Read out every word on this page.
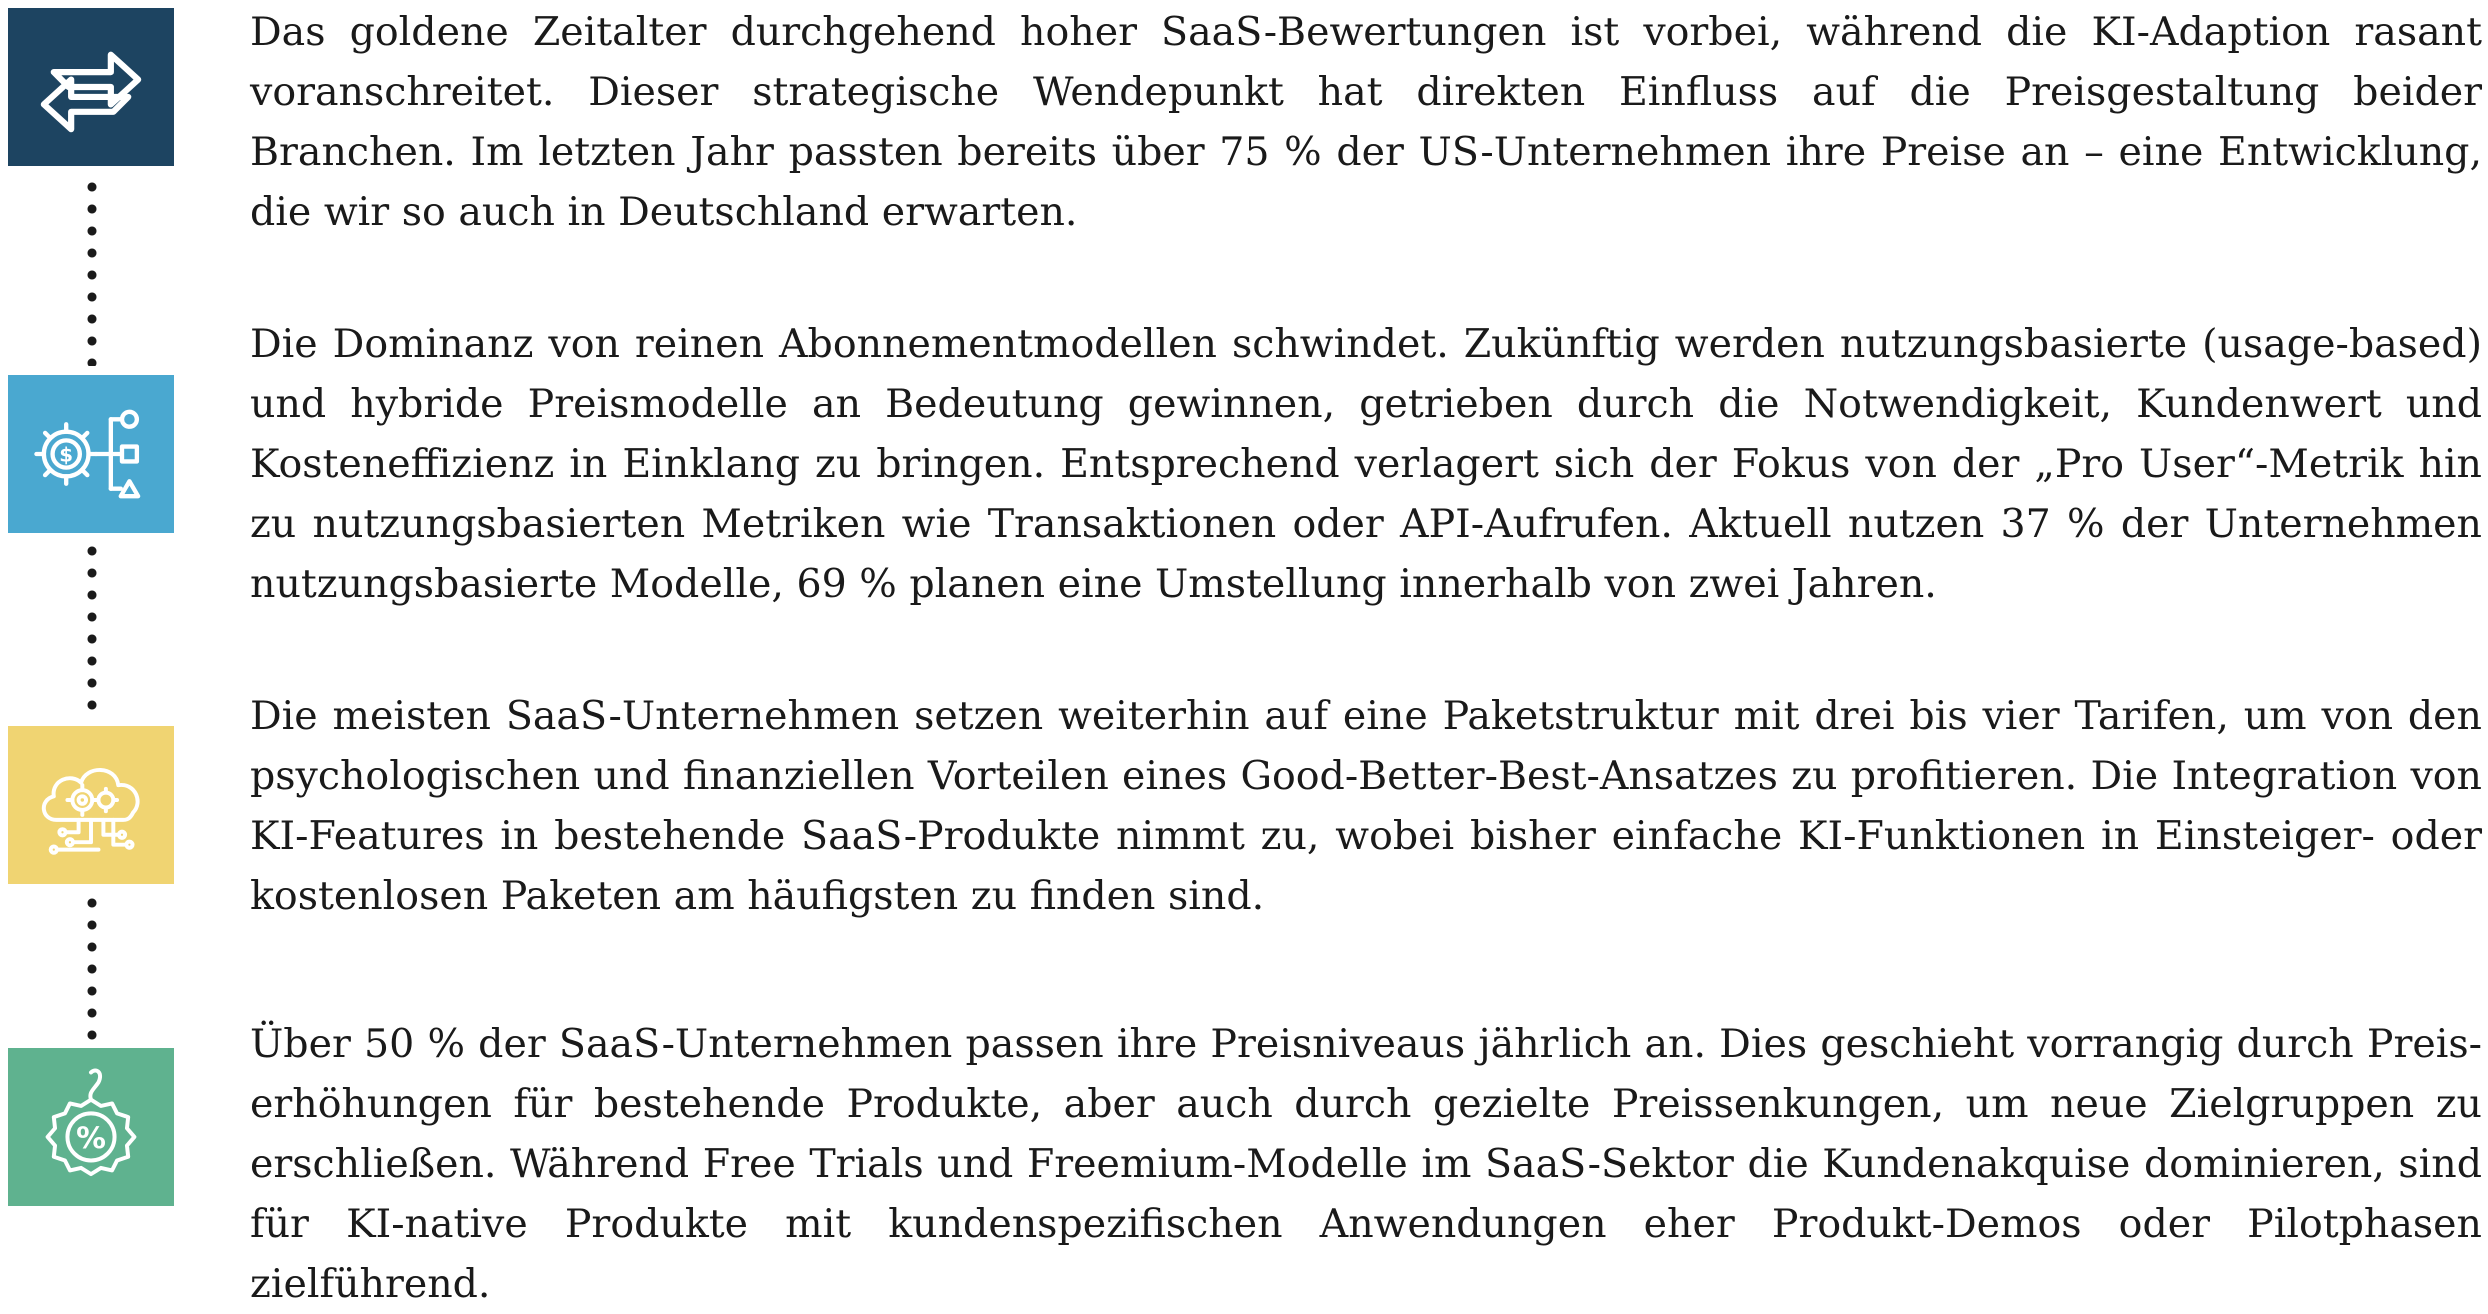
$
%

Das goldene Zeitalter durchgehend hoher SaaS-Bewertungen ist vorbei, während die KI-Adaption rasant voranschreitet. Dieser strategische Wendepunkt hat direkten Einfluss auf die Preisgestaltung beider Branchen. Im letzten Jahr passten bereits über 75 % der US-Unternehmen ihre Preise an – eine Entwicklung, die wir so auch in Deutschland erwarten.

Die Dominanz von reinen Abonnementmodellen schwindet. Zukünftig werden nutzungsbasierte (usage-based) und hybride Preismodelle an Bedeutung gewinnen, getrieben durch die Notwendigkeit, Kundenwert und Kosteneffizienz in Einklang zu bringen. Entsprechend verlagert sich der Fokus von der „Pro User“-Metrik hin zu nutzungsbasierten Metriken wie Transaktionen oder API-Aufrufen. Aktuell nutzen 37 % der Unternehmen nutzungsbasierte Modelle, 69 % planen eine Umstellung innerhalb von zwei Jahren.

Die meisten SaaS-Unternehmen setzen weiterhin auf eine Paketstruktur mit drei bis vier Tarifen, um von den psychologischen und finanziellen Vorteilen eines Good-Better-Best-Ansatzes zu profitieren. Die Integration von KI-Features in bestehende SaaS-Produkte nimmt zu, wobei bisher einfache KI-Funktionen in Einsteiger- oder kostenlosen Paketen am häufigsten zu finden sind.

Über 50 % der SaaS-Unternehmen passen ihre Preisniveaus jährlich an. Dies geschieht vorrangig durch Preiserhöhungen für bestehende Produkte, aber auch durch gezielte Preissenkungen, um neue Zielgruppen zu erschließen. Während Free Trials und Freemium-Modelle im SaaS-Sektor die Kundenakquise dominieren, sind für KI-native Produkte mit kundenspezifischen Anwendungen eher Produkt-Demos oder Pilotphasen zielführend.
